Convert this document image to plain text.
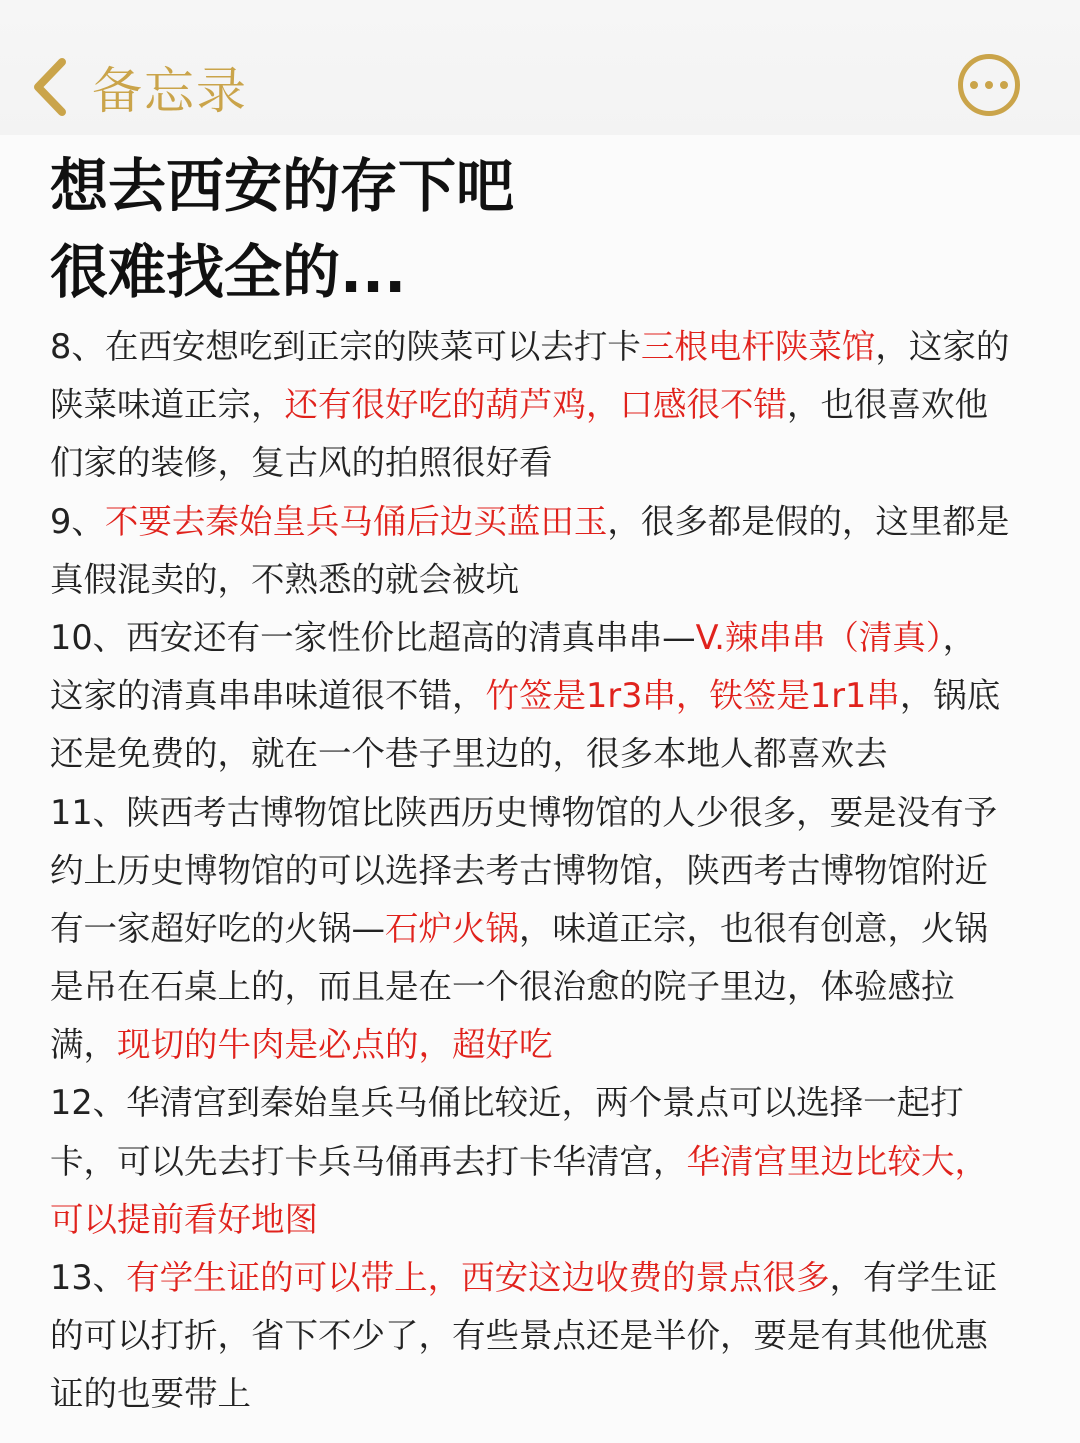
备忘录
想去西安的存下吧
很难找全的...
8、在西安想吃到正宗的陕菜可以去打卡三根电杆陕菜馆，这家的
陕菜味道正宗，还有很好吃的葫芦鸡，口感很不错，也很喜欢他
们家的装修，复古风的拍照很好看
9、不要去秦始皇兵马俑后边买蓝田玉，很多都是假的，这里都是
真假混卖的，不熟悉的就会被坑
10、西安还有一家性价比超高的清真串串—V.辣串串（清真），
这家的清真串串味道很不错，竹签是1r3串，铁签是1r1串，锅底
还是免费的，就在一个巷子里边的，很多本地人都喜欢去
11、陕西考古博物馆比陕西历史博物馆的人少很多，要是没有予
约上历史博物馆的可以选择去考古博物馆，陕西考古博物馆附近
有一家超好吃的火锅—石炉火锅，味道正宗，也很有创意，火锅
是吊在石桌上的，而且是在一个很治愈的院子里边，体验感拉
满，现切的牛肉是必点的，超好吃
12、华清宫到秦始皇兵马俑比较近，两个景点可以选择一起打
卡，可以先去打卡兵马俑再去打卡华清宫，华清宫里边比较大，
可以提前看好地图
13、有学生证的可以带上，西安这边收费的景点很多，有学生证
的可以打折，省下不少了，有些景点还是半价，要是有其他优惠
证的也要带上
